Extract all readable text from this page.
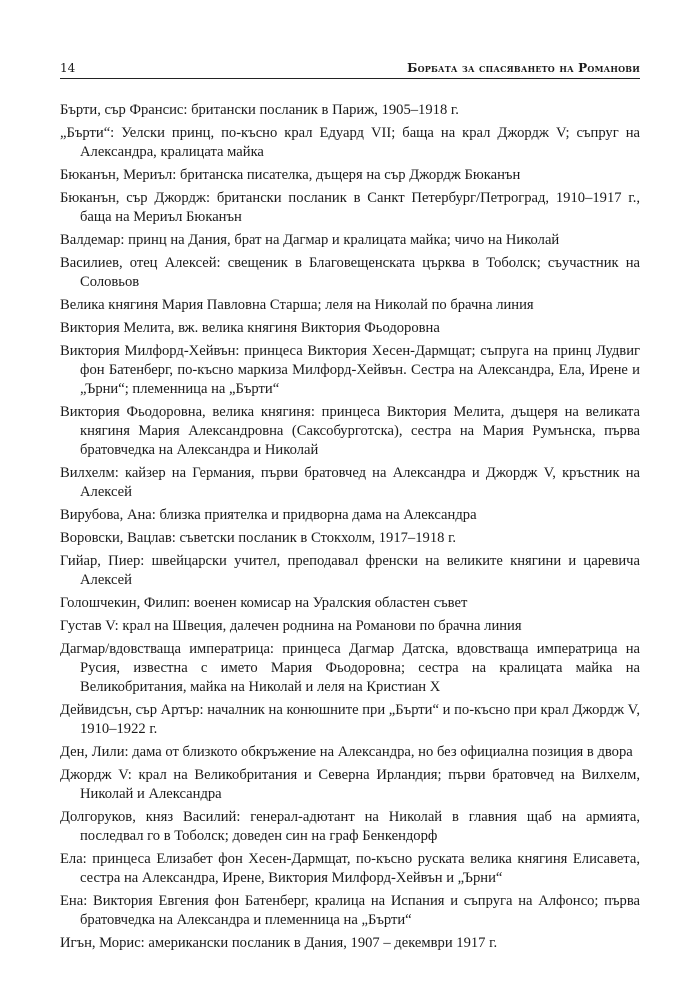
14	Борбата за спасяването на Романови
Бърти, сър Франсис: британски посланик в Париж, 1905–1918 г.
„Бърти“: Уелски принц, по-късно крал Едуард VII; баща на крал Джордж V; съпруг на Александра, кралицата майка
Бюканън, Мериъл: британска писателка, дъщеря на сър Джордж Бюканън
Бюканън, сър Джордж: британски посланик в Санкт Петербург/Петроград, 1910–1917 г., баща на Мериъл Бюканън
Валдемар: принц на Дания, брат на Дагмар и кралицата майка; чичо на Николай
Василиев, отец Алексей: свещеник в Благовещенската църква в Тоболск; съучастник на Соловьов
Велика княгиня Мария Павловна Старша; леля на Николай по брачна линия
Виктория Мелита, вж. велика княгиня Виктория Фьодоровна
Виктория Милфорд-Хейвън: принцеса Виктория Хесен-Дармщат; съпруга на принц Лудвиг фон Батенберг, по-късно маркиза Милфорд-Хейвън. Сестра на Александра, Ела, Ирене и „Ърни“; племенница на „Бърти“
Виктория Фьодоровна, велика княгиня: принцеса Виктория Мелита, дъщеря на великата княгиня Мария Александровна (Саксобурготска), сестра на Мария Румънска, първа братовчедка на Александра и Николай
Вилхелм: кайзер на Германия, първи братовчед на Александра и Джордж V, кръстник на Алексей
Вирубова, Ана: близка приятелка и придворна дама на Александра
Воровски, Вацлав: съветски посланик в Стокхолм, 1917–1918 г.
Гийар, Пиер: швейцарски учител, преподавал френски на великите княгини и царевича Алексей
Голошчекин, Филип: военен комисар на Уралския областен съвет
Густав V: крал на Швеция, далечен роднина на Романови по брачна линия
Дагмар/вдовстваща императрица: принцеса Дагмар Датска, вдовстваща императрица на Русия, известна с името Мария Фьодоровна; сестра на кралицата майка на Великобритания, майка на Николай и леля на Кристиан Х
Дейвидсън, сър Артър: началник на конюшните при „Бърти“ и по-късно при крал Джордж V, 1910–1922 г.
Ден, Лили: дама от близкото обкръжение на Александра, но без официална позиция в двора
Джордж V: крал на Великобритания и Северна Ирландия; първи братовчед на Вилхелм, Николай и Александра
Долгоруков, княз Василий: генерал-адютант на Николай в главния щаб на армията, последвал го в Тоболск; доведен син на граф Бенкендорф
Ела: принцеса Елизабет фон Хесен-Дармщат, по-късно руската велика княгиня Елисавета, сестра на Александра, Ирене, Виктория Милфорд-Хейвън и „Ърни“
Ена: Виктория Евгения фон Батенберг, кралица на Испания и съпруга на Алфонсо; първа братовчедка на Александра и племенница на „Бърти“
Игън, Морис: американски посланик в Дания, 1907 – декември 1917 г.
